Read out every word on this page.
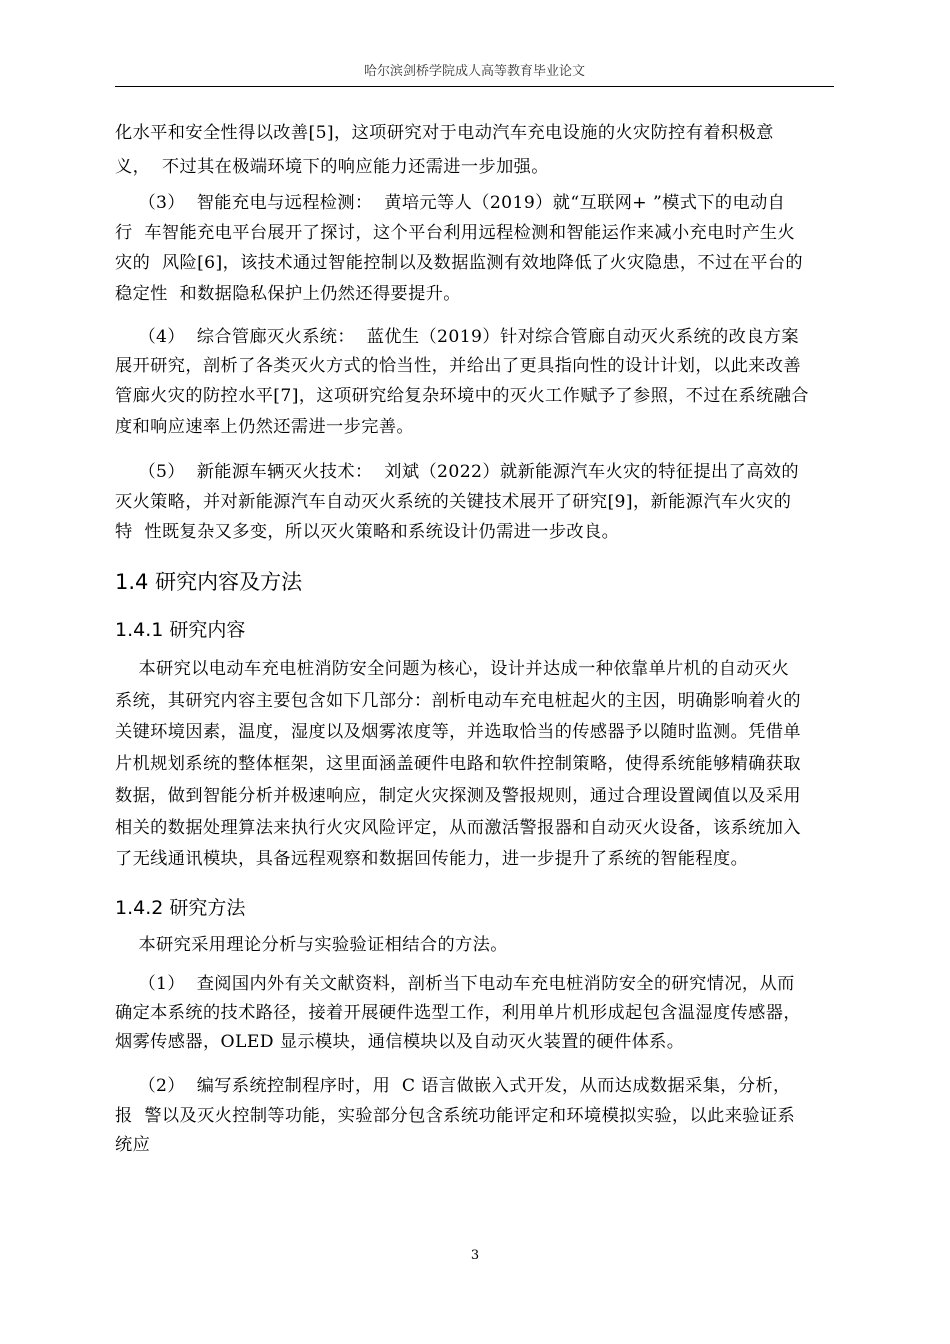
哈尔滨剑桥学院成人高等教育毕业论文
化水平和安全性得以改善[5]，这项研究对于电动汽车充电设施的火灾防控有着积极意
义，  不过其在极端环境下的响应能力还需进一步加强。
（3）  智能充电与远程检测：  黄培元等人（2019）就“互联网+ ”模式下的电动自
行  车智能充电平台展开了探讨，这个平台利用远程检测和智能运作来减小充电时产生火
灾的  风险[6]，该技术通过智能控制以及数据监测有效地降低了火灾隐患，不过在平台的
稳定性  和数据隐私保护上仍然还得要提升。
（4）  综合管廊灭火系统：  蓝优生（2019）针对综合管廊自动灭火系统的改良方案
展开研究，剖析了各类灭火方式的恰当性，并给出了更具指向性的设计计划，以此来改善
管廊火灾的防控水平[7]，这项研究给复杂环境中的灭火工作赋予了参照，不过在系统融合
度和响应速率上仍然还需进一步完善。
（5）  新能源车辆灭火技术：  刘斌（2022）就新能源汽车火灾的特征提出了高效的
灭火策略，并对新能源汽车自动灭火系统的关键技术展开了研究[9]，新能源汽车火灾的
特  性既复杂又多变，所以灭火策略和系统设计仍需进一步改良。
1.4 研究内容及方法
1.4.1 研究内容
本研究以电动车充电桩消防安全问题为核心，设计并达成一种依靠单片机的自动灭火
系统，其研究内容主要包含如下几部分：剖析电动车充电桩起火的主因，明确影响着火的
关键环境因素，温度，湿度以及烟雾浓度等，并选取恰当的传感器予以随时监测。凭借单
片机规划系统的整体框架，这里面涵盖硬件电路和软件控制策略，使得系统能够精确获取
数据，做到智能分析并极速响应，制定火灾探测及警报规则，通过合理设置阈值以及采用
相关的数据处理算法来执行火灾风险评定，从而激活警报器和自动灭火设备，该系统加入
了无线通讯模块，具备远程观察和数据回传能力，进一步提升了系统的智能程度。
1.4.2 研究方法
本研究采用理论分析与实验验证相结合的方法。
（1）  查阅国内外有关文献资料，剖析当下电动车充电桩消防安全的研究情况，从而
确定本系统的技术路径，接着开展硬件选型工作，利用单片机形成起包含温湿度传感器，
烟雾传感器，OLED 显示模块，通信模块以及自动灭火装置的硬件体系。
（2）  编写系统控制程序时，用  C 语言做嵌入式开发，从而达成数据采集，分析，
报  警以及灭火控制等功能，实验部分包含系统功能评定和环境模拟实验，以此来验证系
统应
3
